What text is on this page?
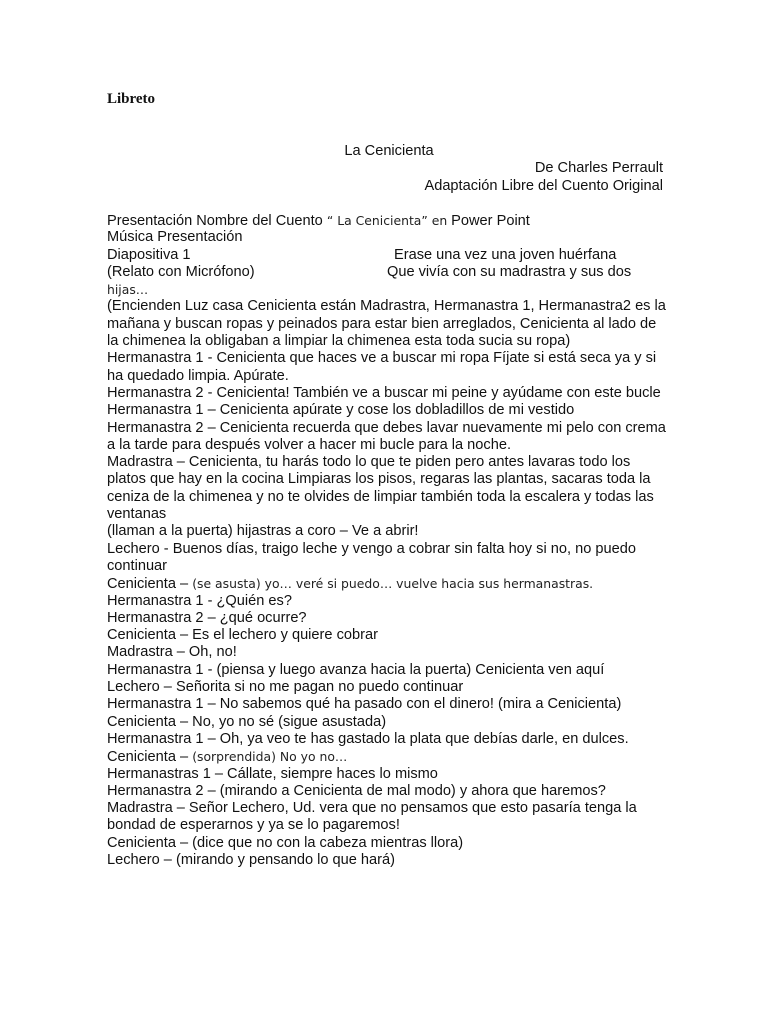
Libreto
La Cenicienta
De Charles Perrault
Adaptación Libre del Cuento Original
Presentación Nombre del Cuento “ La Cenicienta” en Power Point
Música Presentación
Diapositiva 1	Erase una vez una joven huérfana
(Relato con Micrófono)	Que vivía con su madrastra y sus dos
hijas…
(Encienden Luz casa Cenicienta están Madrastra, Hermanastra 1, Hermanastra2 es la mañana y buscan ropas y peinados para estar bien arreglados, Cenicienta al lado de la chimenea la obligaban a limpiar la chimenea esta toda sucia su ropa)
Hermanastra 1 - Cenicienta que haces ve a buscar mi ropa Fíjate si está seca ya y si ha quedado limpia. Apúrate.
Hermanastra 2 - Cenicienta! También ve a buscar mi peine y ayúdame con este bucle
Hermanastra 1 – Cenicienta apúrate y cose los dobladillos de mi vestido
Hermanastra 2 – Cenicienta recuerda que debes lavar nuevamente mi pelo con crema a la tarde para después volver a hacer mi bucle para la noche.
Madrastra – Cenicienta, tu harás todo lo que te piden pero antes lavaras todo los platos que hay en la cocina Limpiaras los pisos, regaras las plantas, sacaras toda la ceniza de la chimenea y no te olvides de limpiar también toda la escalera y todas las ventanas
(llaman a la puerta) hijastras a coro – Ve a abrir!
Lechero - Buenos días, traigo leche y vengo a cobrar sin falta hoy si no, no puedo continuar
Cenicienta – (se asusta) yo… veré si puedo… vuelve hacia sus hermanastras.
Hermanastra 1 - ¿Quién es?
Hermanastra 2 – ¿qué ocurre?
Cenicienta – Es el lechero y quiere cobrar
Madrastra – Oh, no!
Hermanastra 1 - (piensa y luego avanza hacia la puerta) Cenicienta ven aquí
Lechero – Señorita si no me pagan no puedo continuar
Hermanastra 1 – No sabemos qué ha pasado con el dinero! (mira a Cenicienta)
Cenicienta – No, yo no sé (sigue asustada)
Hermanastra 1 – Oh, ya veo te has gastado la plata que debías darle, en dulces.
Cenicienta – (sorprendida) No yo no…
Hermanastras 1 – Cállate, siempre haces lo mismo
Hermanastra 2 – (mirando a Cenicienta de mal modo) y ahora que haremos?
Madrastra – Señor Lechero, Ud. vera que no pensamos que esto pasaría tenga la bondad de esperarnos y ya se lo pagaremos!
Cenicienta – (dice que no con la cabeza mientras llora)
Lechero – (mirando y pensando lo que hará)
